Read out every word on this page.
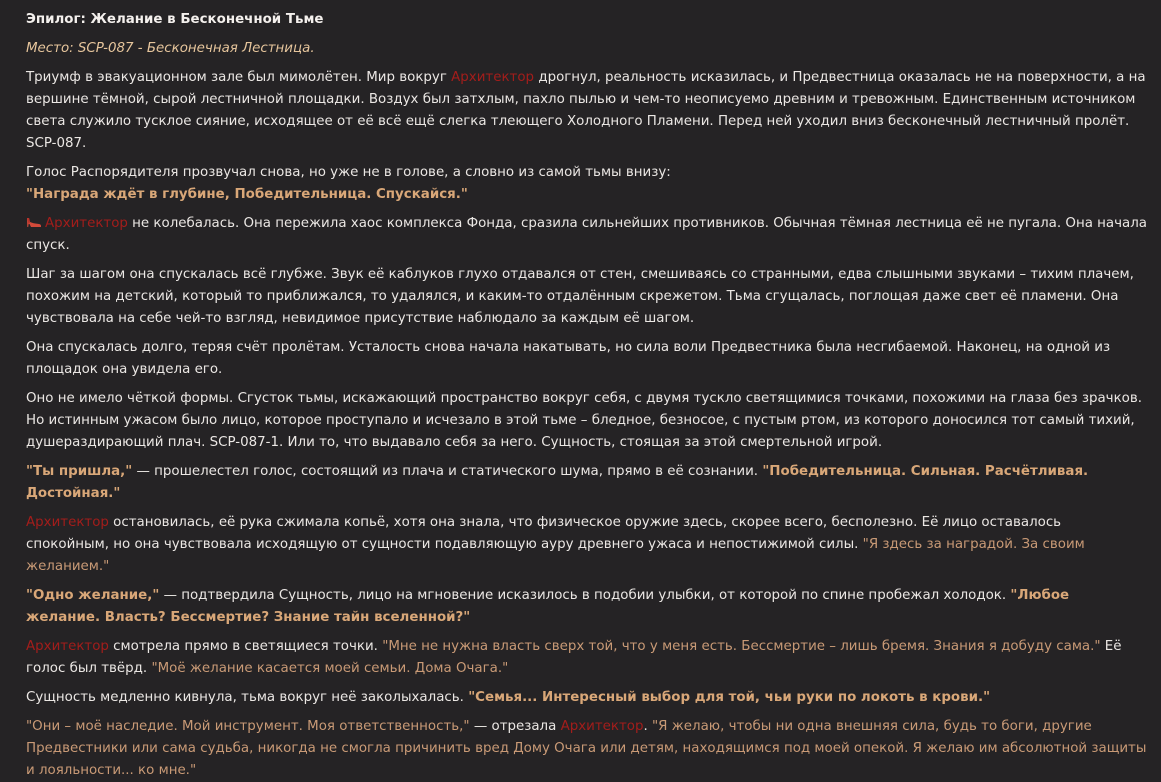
Эпилог: Желание в Бесконечной Тьме

Место: SCP-087 - Бесконечная Лестница.

Триумф в эвакуационном зале был мимолётен. Мир вокруг Архитектор дрогнул, реальность исказилась, и Предвестница оказалась не на поверхности, а на вершине тёмной, сырой лестничной площадки. Воздух был затхлым, пахло пылью и чем-то неописуемо древним и тревожным. Единственным источником света служило тусклое сияние, исходящее от её всё ещё слегка тлеющего Холодного Пламени. Перед ней уходил вниз бесконечный лестничный пролёт. SCP-087.

Голос Распорядителя прозвучал снова, но уже не в голове, а словно из самой тьмы внизу:
"Награда ждёт в глубине, Победительница. Спускайся."

Архитектор не колебалась. Она пережила хаос комплекса Фонда, сразила сильнейших противников. Обычная тёмная лестница её не пугала. Она начала спуск.

Шаг за шагом она спускалась всё глубже. Звук её каблуков глухо отдавался от стен, смешиваясь со странными, едва слышными звуками – тихим плачем, похожим на детский, который то приближался, то удалялся, и каким-то отдалённым скрежетом. Тьма сгущалась, поглощая даже свет её пламени. Она чувствовала на себе чей-то взгляд, невидимое присутствие наблюдало за каждым её шагом.

Она спускалась долго, теряя счёт пролётам. Усталость снова начала накатывать, но сила воли Предвестника была несгибаемой. Наконец, на одной из площадок она увидела его.

Оно не имело чёткой формы. Сгусток тьмы, искажающий пространство вокруг себя, с двумя тускло светящимися точками, похожими на глаза без зрачков. Но истинным ужасом было лицо, которое проступало и исчезало в этой тьме – бледное, безносое, с пустым ртом, из которого доносился тот самый тихий, душераздирающий плач. SCP-087-1. Или то, что выдавало себя за него. Сущность, стоящая за этой смертельной игрой.

"Ты пришла," — прошелестел голос, состоящий из плача и статического шума, прямо в её сознании. "Победительница. Сильная. Расчётливая. Достойная."

Архитектор остановилась, её рука сжимала копьё, хотя она знала, что физическое оружие здесь, скорее всего, бесполезно. Её лицо оставалось спокойным, но она чувствовала исходящую от сущности подавляющую ауру древнего ужаса и непостижимой силы. "Я здесь за наградой. За своим желанием."

"Одно желание," — подтвердила Сущность, лицо на мгновение исказилось в подобии улыбки, от которой по спине пробежал холодок. "Любое желание. Власть? Бессмертие? Знание тайн вселенной?"

Архитектор смотрела прямо в светящиеся точки. "Мне не нужна власть сверх той, что у меня есть. Бессмертие – лишь бремя. Знания я добуду сама." Её голос был твёрд. "Моё желание касается моей семьи. Дома Очага."

Сущность медленно кивнула, тьма вокруг неё заколыхалась. "Семья... Интересный выбор для той, чьи руки по локоть в крови."

"Они – моё наследие. Мой инструмент. Моя ответственность," — отрезала Архитектор. "Я желаю, чтобы ни одна внешняя сила, будь то боги, другие Предвестники или сама судьба, никогда не смогла причинить вред Дому Очага или детям, находящимся под моей опекой. Я желаю им абсолютной защиты и лояльности... ко мне."
